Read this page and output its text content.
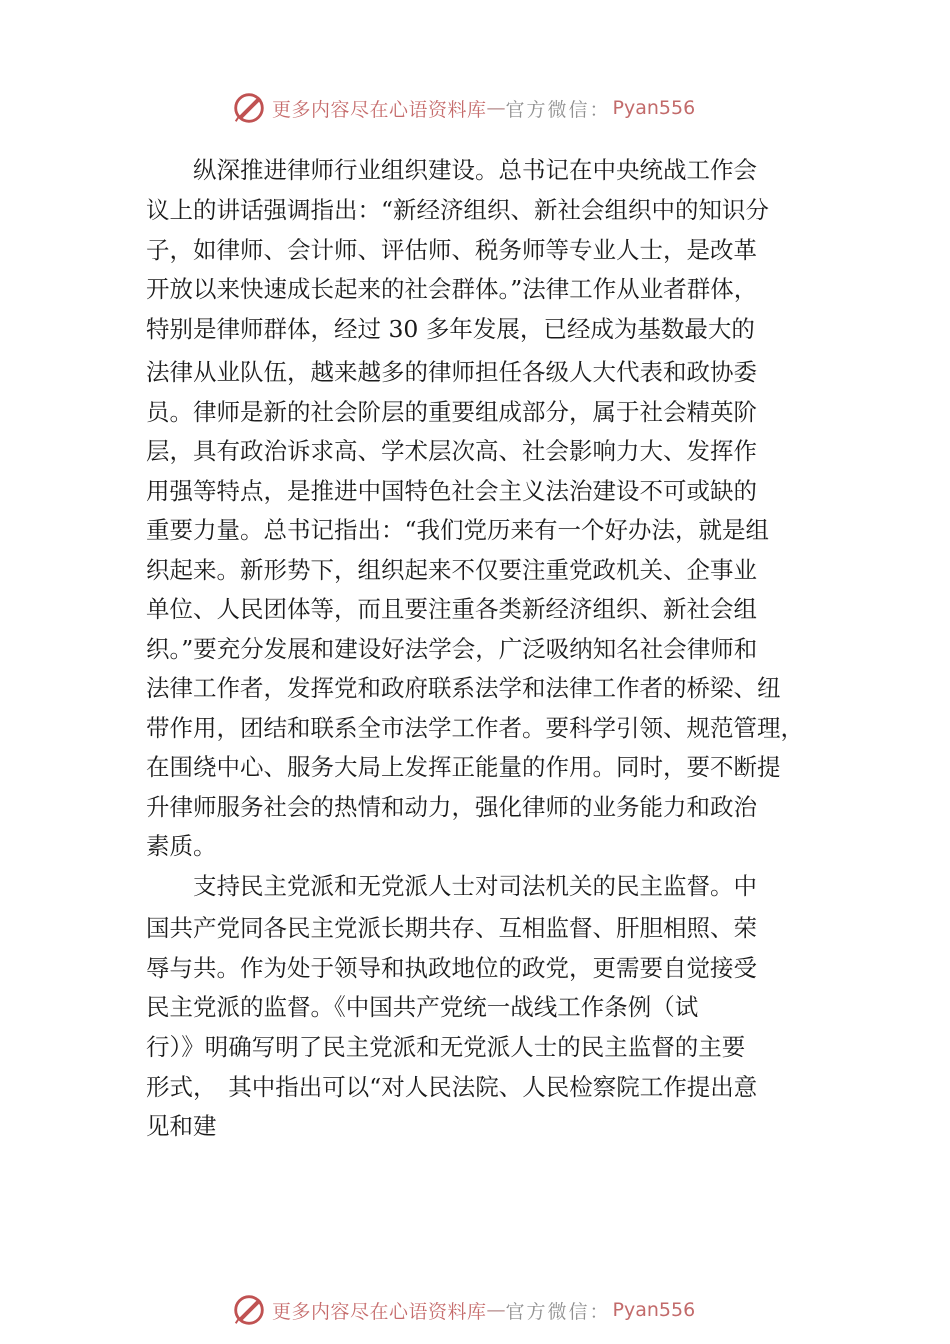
更多内容尽在心语资料库 — 官方微信： Pyan556
　　纵深推进律师行业组织建设。总书记在中央统战工作会
议上的讲话强调指出：“新经济组织、新社会组织中的知识分
子，如律师、会计师、评估师、税务师等专业人士，是改革
开放以来快速成长起来的社会群体。”法律工作从业者群体，
特别是律师群体，经过 30 多年发展，已经成为基数最大的
法律从业队伍，越来越多的律师担任各级人大代表和政协委
员。律师是新的社会阶层的重要组成部分，属于社会精英阶
层，具有政治诉求高、学术层次高、社会影响力大、发挥作
用强等特点，是推进中国特色社会主义法治建设不可或缺的
重要力量。总书记指出：“我们党历来有一个好办法，就是组
织起来。新形势下，组织起来不仅要注重党政机关、企事业
单位、人民团体等，而且要注重各类新经济组织、新社会组
织。”要充分发展和建设好法学会，广泛吸纳知名社会律师和
法律工作者，发挥党和政府联系法学和法律工作者的桥梁、纽
带作用，团结和联系全市法学工作者。要科学引领、规范管理，
在围绕中心、服务大局上发挥正能量的作用。同时，要不断提
升律师服务社会的热情和动力，强化律师的业务能力和政治
素质。
　　支持民主党派和无党派人士对司法机关的民主监督。中
国共产党同各民主党派长期共存、互相监督、肝胆相照、荣
辱与共。作为处于领导和执政地位的政党，更需要自觉接受
民主党派的监督。《中国共产党统一战线工作条例（试
行）》明确写明了民主党派和无党派人士的民主监督的主要
形式，　其中指出可以“对人民法院、人民检察院工作提出意
见和建
更多内容尽在心语资料库 — 官方微信： Pyan556
